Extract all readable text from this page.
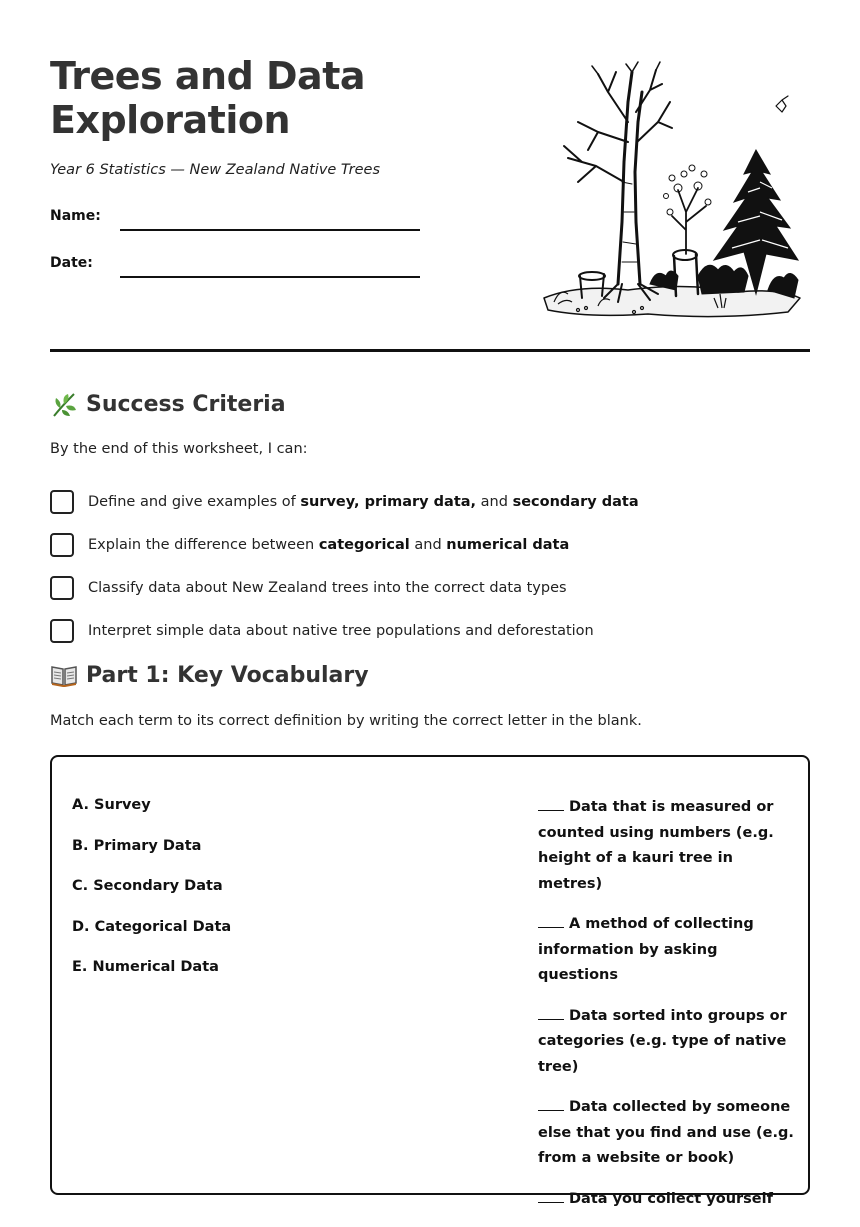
Trees and Data
Exploration
Year 6 Statistics — New Zealand Native Trees
Name:
Date:
Success Criteria
By the end of this worksheet, I can:
Define and give examples of survey, primary data, and secondary data
Explain the difference between categorical and numerical data
Classify data about New Zealand trees into the correct data types
Interpret simple data about native tree populations and deforestation
Part 1: Key Vocabulary
Match each term to its correct definition by writing the correct letter in the blank.
A. Survey
B. Primary Data
C. Secondary Data
D. Categorical Data
E. Numerical Data
Data that is measured or counted using numbers (e.g. height of a kauri tree in metres)
A method of collecting information by asking questions
Data sorted into groups or categories (e.g. type of native tree)
Data collected by someone else that you find and use (e.g. from a website or book)
Data you collect yourself
